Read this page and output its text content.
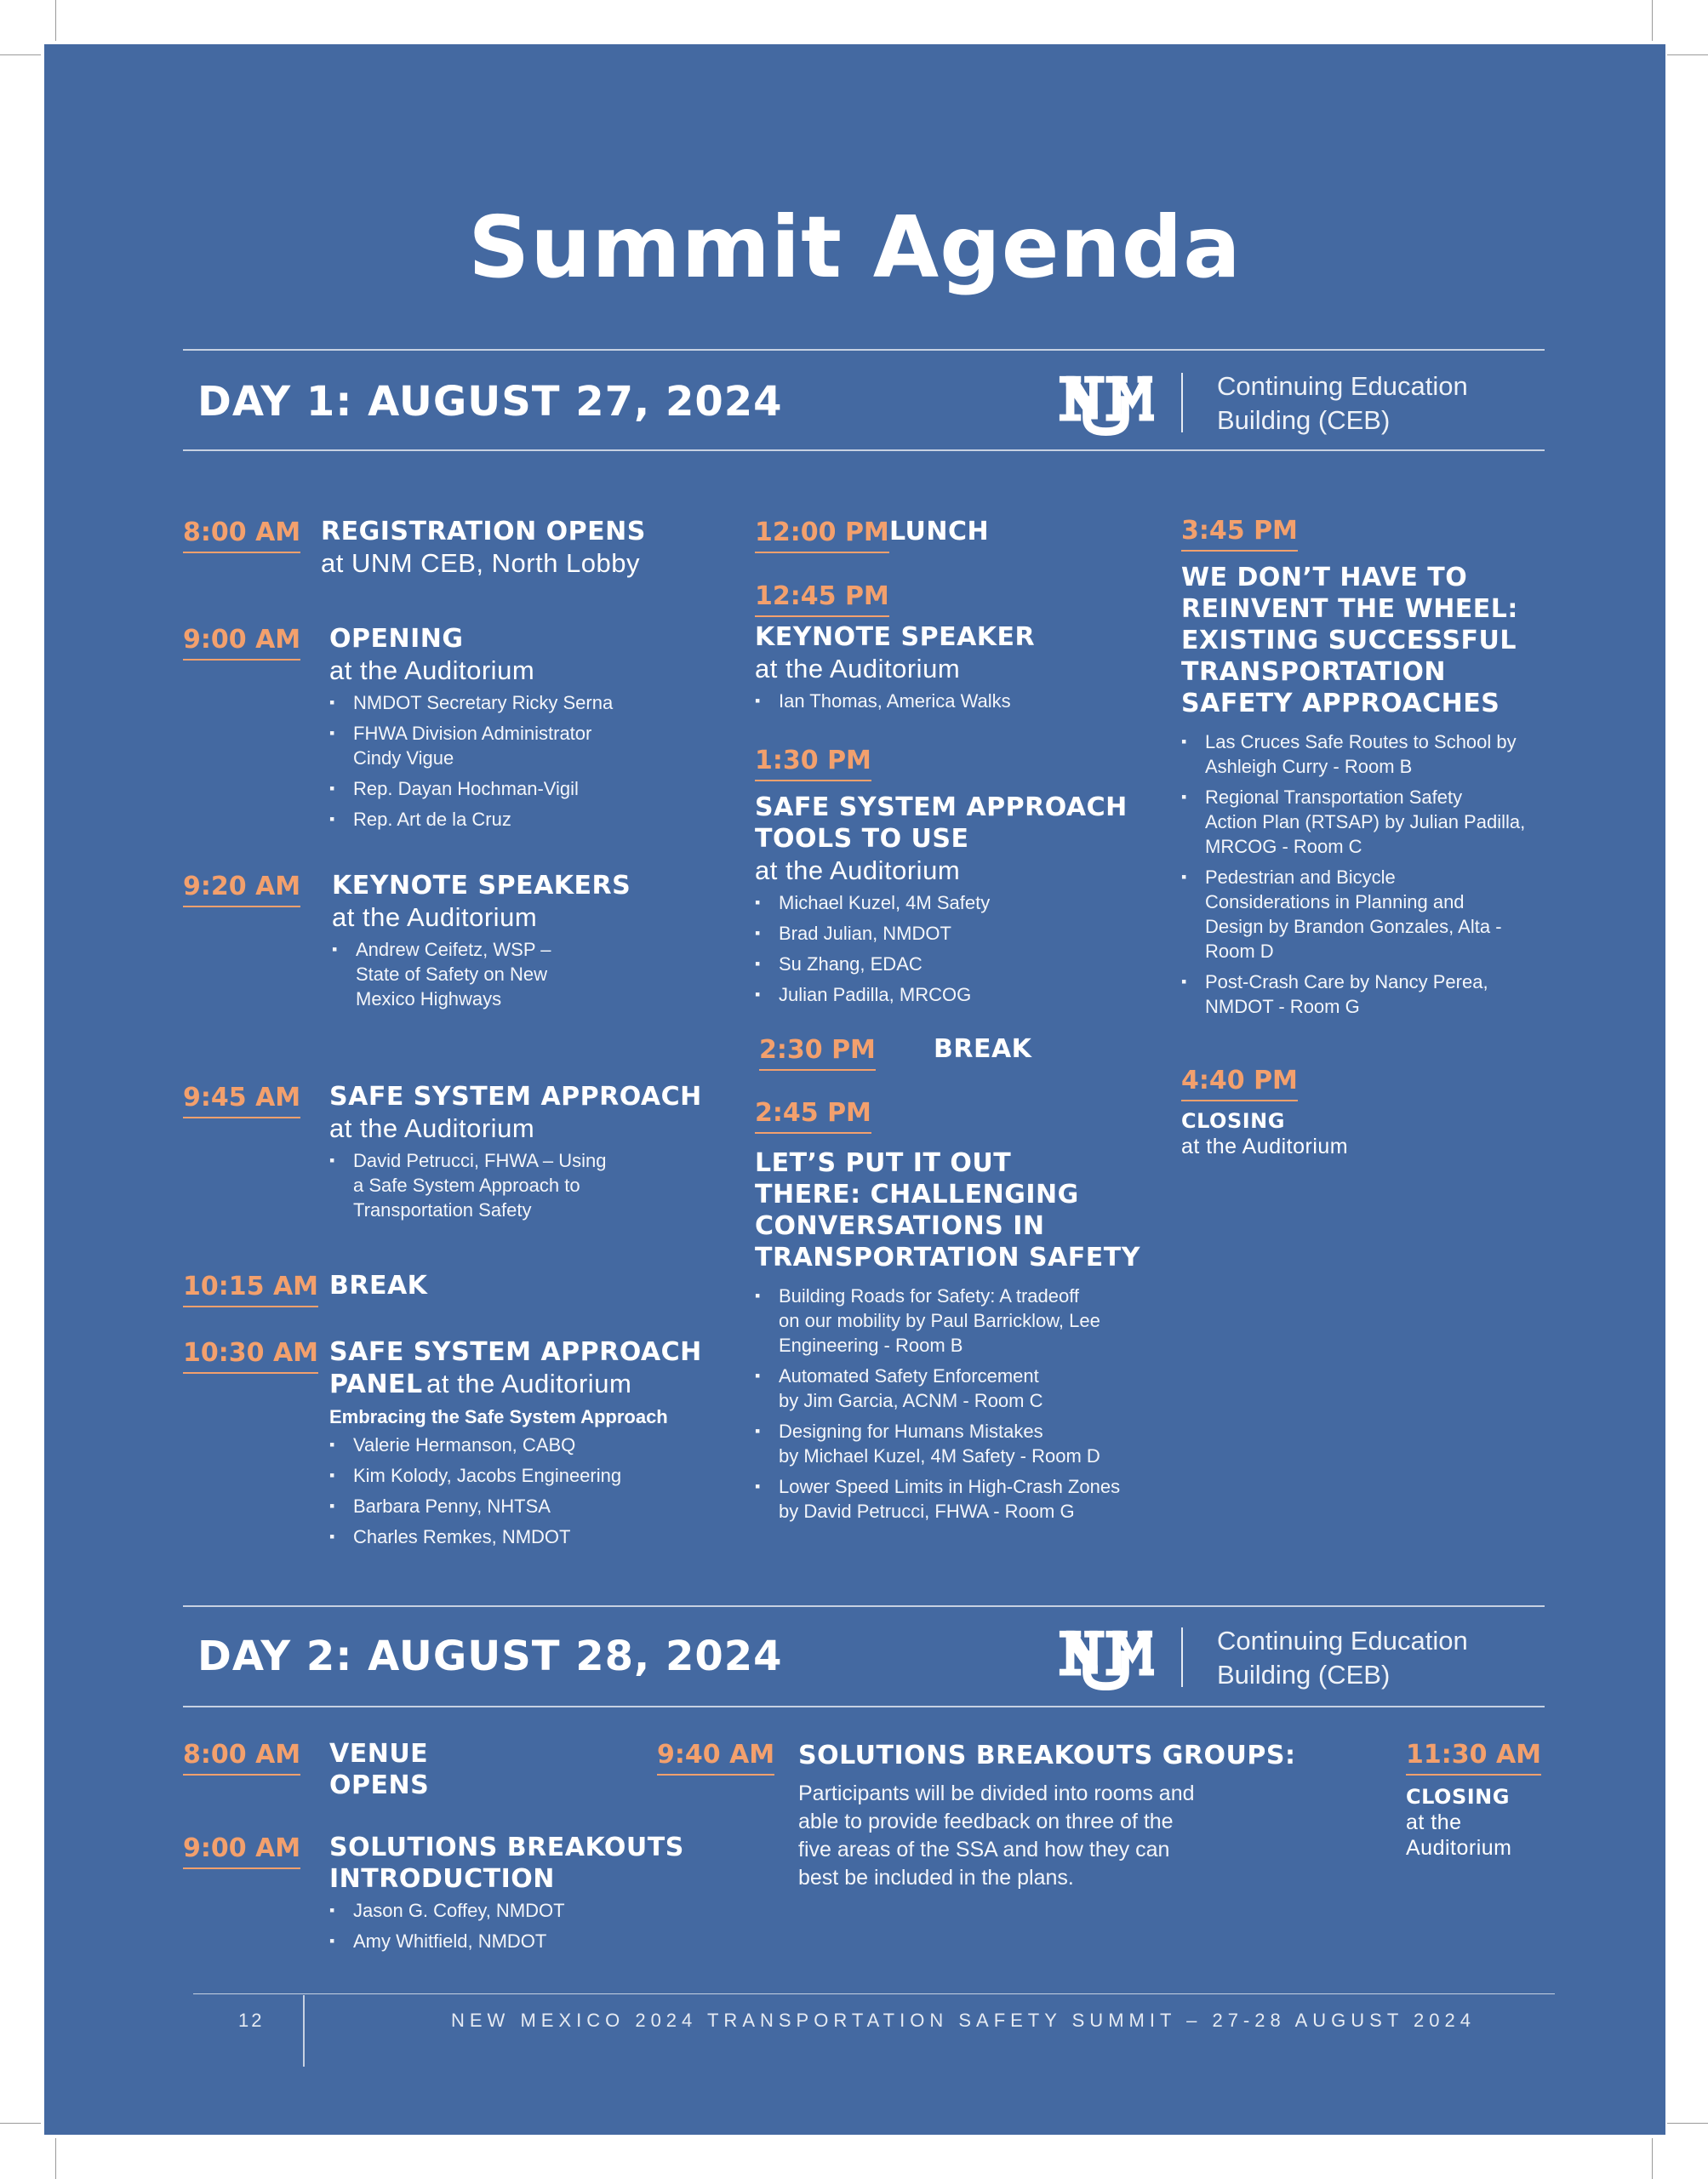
Summit Agenda
DAY 1: AUGUST 27, 2024	Continuing Education
Building (CEB)
8:00 AM REGISTRATION OPENS
at UNM CEB, North Lobby
9:00 AM OPENING
at the Auditorium
▪ NMDOT Secretary Ricky Serna
▪ FHWA Division Administrator
Cindy Vigue
▪ Rep. Dayan Hochman-Vigil
▪ Rep. Art de la Cruz
9:20 AM KEYNOTE SPEAKERS
at the Auditorium
▪ Andrew Ceifetz, WSP –
State of Safety on New
Mexico Highways
9:45 AM SAFE SYSTEM APPROACH
at the Auditorium
▪ David Petrucci, FHWA – Using
a Safe System Approach to
Transportation Safety
10:15 AM BREAK
10:30 AM SAFE SYSTEM APPROACH
PANEL at the Auditorium
Embracing the Safe System Approach
▪ Valerie Hermanson, CABQ
▪ Kim Kolody, Jacobs Engineering
▪ Barbara Penny, NHTSA
▪ Charles Remkes, NMDOT
12:00 PM LUNCH
12:45 PM
KEYNOTE SPEAKER
at the Auditorium
▪ Ian Thomas, America Walks
1:30 PM
SAFE SYSTEM APPROACH
TOOLS TO USE
at the Auditorium
▪ Michael Kuzel, 4M Safety
▪ Brad Julian, NMDOT
▪ Su Zhang, EDAC
▪ Julian Padilla, MRCOG
2:30 PM BREAK
2:45 PM
LET’S PUT IT OUT
THERE: CHALLENGING
CONVERSATIONS IN
TRANSPORTATION SAFETY
▪ Building Roads for Safety: A tradeoff
on our mobility by Paul Barricklow, Lee
Engineering - Room B
▪ Automated Safety Enforcement
by Jim Garcia, ACNM - Room C
▪ Designing for Humans Mistakes
by Michael Kuzel, 4M Safety - Room D
▪ Lower Speed Limits in High-Crash Zones
by David Petrucci, FHWA - Room G
3:45 PM
WE DON’T HAVE TO
REINVENT THE WHEEL:
EXISTING SUCCESSFUL
TRANSPORTATION
SAFETY APPROACHES
▪ Las Cruces Safe Routes to School by
Ashleigh Curry - Room B
▪ Regional Transportation Safety
Action Plan (RTSAP) by Julian Padilla,
MRCOG - Room C
▪ Pedestrian and Bicycle
Considerations in Planning and
Design by Brandon Gonzales, Alta -
Room D
▪ Post-Crash Care by Nancy Perea,
NMDOT - Room G
4:40 PM
CLOSING
at the Auditorium
DAY 2: AUGUST 28, 2024	Continuing Education
Building (CEB)
8:00 AM VENUE
OPENS
9:00 AM SOLUTIONS BREAKOUTS
INTRODUCTION
▪ Jason G. Coffey, NMDOT
▪ Amy Whitfield, NMDOT
9:40 AM SOLUTIONS BREAKOUTS GROUPS:
Participants will be divided into rooms and
able to provide feedback on three of the
five areas of the SSA and how they can
best be included in the plans.
11:30 AM
CLOSING
at the
Auditorium
12	NEW MEXICO 2024 TRANSPORTATION SAFETY SUMMIT – 27-28 AUGUST 2024
